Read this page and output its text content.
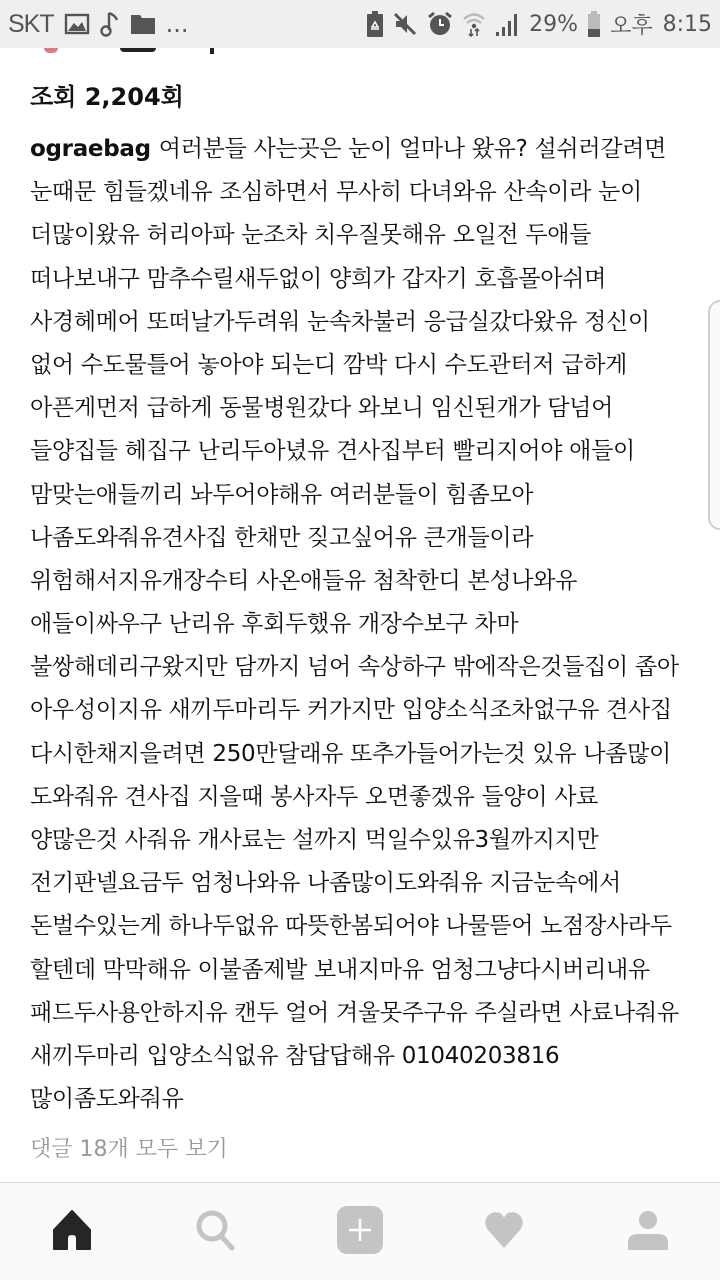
SKT	...	29% 오후 8:15
조회 2,204회
ograebag 여러분들 사는곳은 눈이 얼마나 왔유? 설쉬러갈려면
눈때문 힘들겠네유 조심하면서 무사히 다녀와유 산속이라 눈이
더많이왔유 허리아파 눈조차 치우질못해유 오일전 두애들
떠나보내구 맘추수릴새두없이 양희가 갑자기 호흡몰아쉬며
사경헤메어 또떠날가두려워 눈속차불러 응급실갔다왔유 정신이
없어 수도물틀어 놓아야 되는디 깜박 다시 수도관터저 급하게
아픈게먼저 급하게 동물병원갔다 와보니 임신된개가 담넘어
들양집들 헤집구 난리두아녔유 견사집부터 빨리지어야 애들이
맘맞는애들끼리 놔두어야해유 여러분들이 힘좀모아
나좀도와줘유견사집 한채만 짖고싶어유 큰개들이라
위험해서지유개장수티 사온애들유 첨착한디 본성나와유
애들이싸우구 난리유 후회두했유 개장수보구 차마
불쌍해데리구왔지만 담까지 넘어 속상하구 밖에작은것들집이 좁아
아우성이지유 새끼두마리두 커가지만 입양소식조차없구유 견사집
다시한채지을려면 250만달래유 또추가들어가는것 있유 나좀많이
도와줘유 견사집 지을때 봉사자두 오면좋겠유 들양이 사료
양많은것 사줘유 개사료는 설까지 먹일수있유3월까지지만
전기판넬요금두 엄청나와유 나좀많이도와줘유 지금눈속에서
돈벌수있는게 하나두없유 따뜻한봄되어야 나물뜯어 노점장사라두
할텐데 막막해유 이불좀제발 보내지마유 엄청그냥다시버리내유
패드두사용안하지유 캔두 얼어 겨울못주구유 주실라면 사료나줘유
새끼두마리 입양소식없유 참답답해유 01040203816
많이좀도와줘유
댓글 18개 모두 보기
